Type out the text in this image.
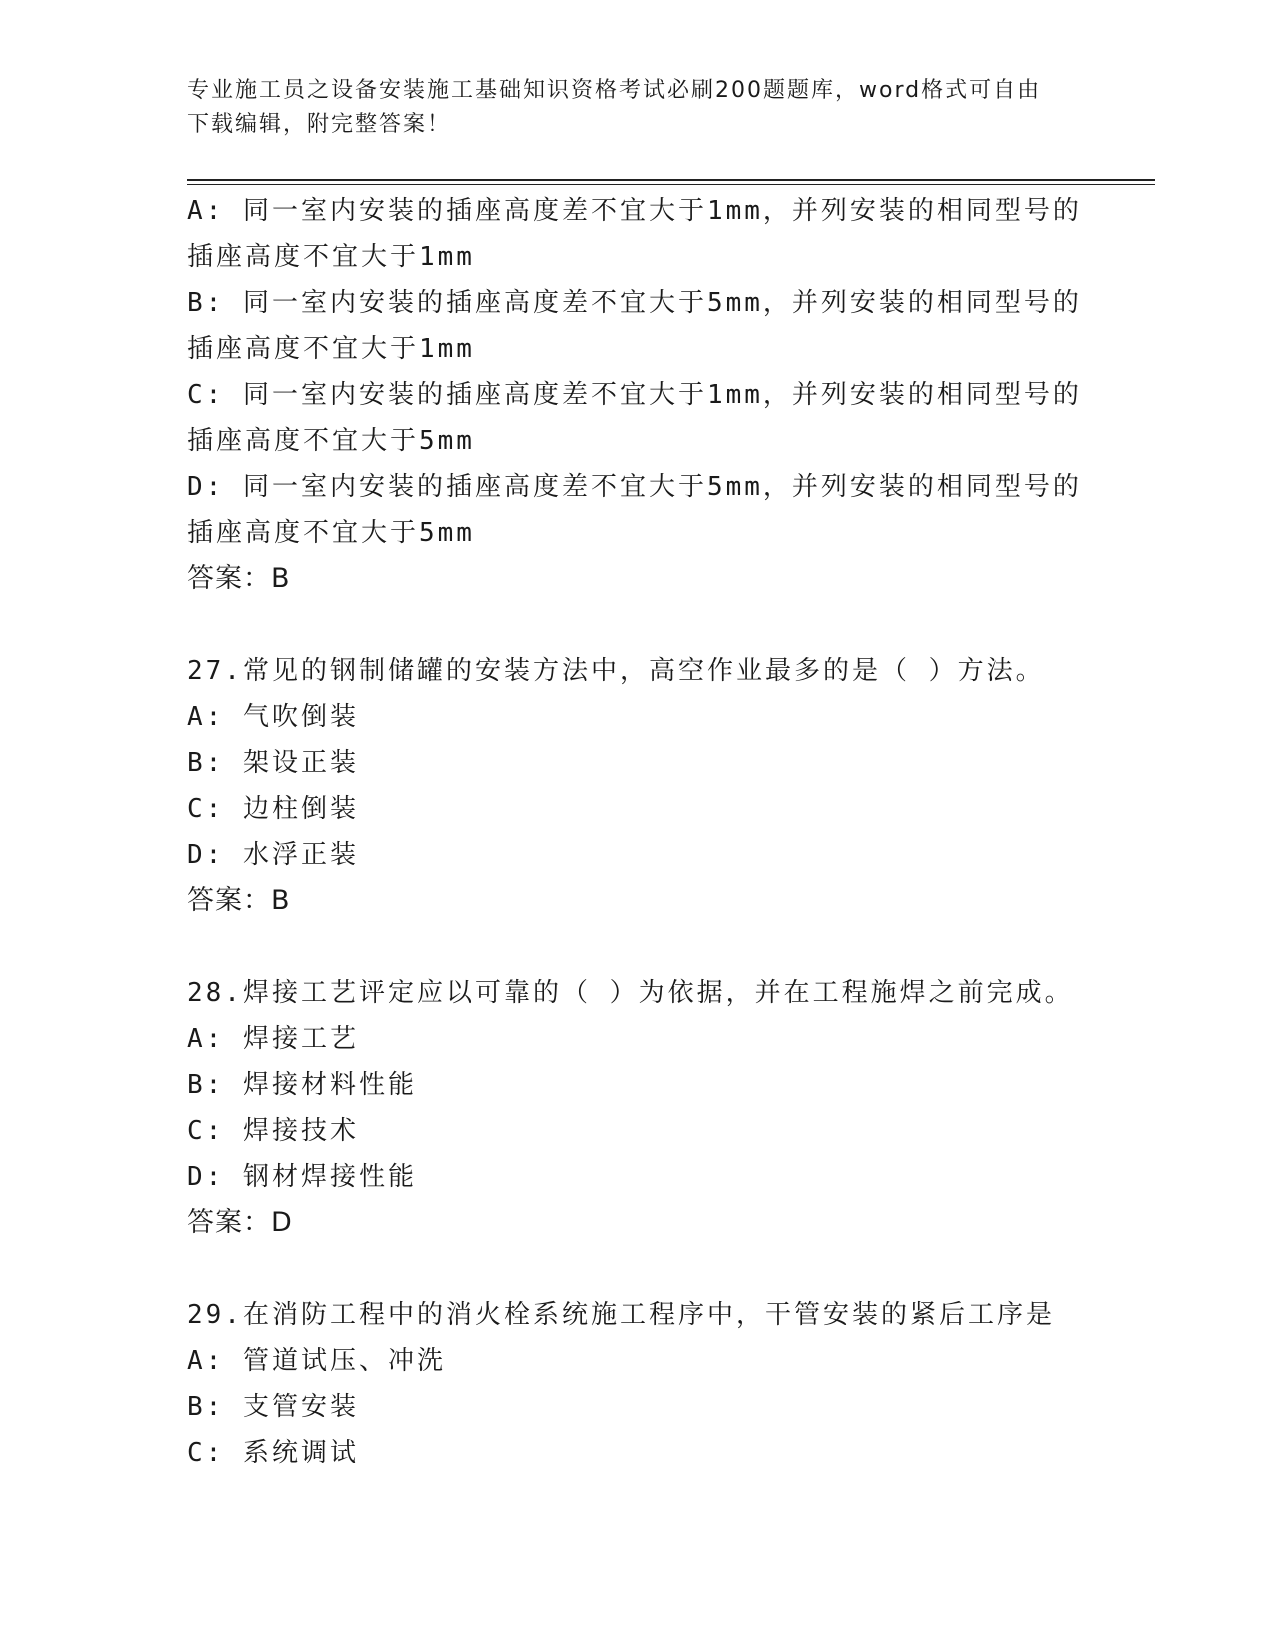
专业施工员之设备安装施工基础知识资格考试必刷200题题库，word格式可自由
下载编辑，附完整答案！
A: 同一室内安装的插座高度差不宜大于1mm，并列安装的相同型号的
插座高度不宜大于1mm
B: 同一室内安装的插座高度差不宜大于5mm，并列安装的相同型号的
插座高度不宜大于1mm
C: 同一室内安装的插座高度差不宜大于1mm，并列安装的相同型号的
插座高度不宜大于5mm
D: 同一室内安装的插座高度差不宜大于5mm，并列安装的相同型号的
插座高度不宜大于5mm
答案：B
27.常见的钢制储罐的安装方法中，高空作业最多的是（ ）方法。
A: 气吹倒装
B: 架设正装
C: 边柱倒装
D: 水浮正装
答案：B
28.焊接工艺评定应以可靠的（ ）为依据，并在工程施焊之前完成。
A: 焊接工艺
B: 焊接材料性能
C: 焊接技术
D: 钢材焊接性能
答案：D
29.在消防工程中的消火栓系统施工程序中，干管安装的紧后工序是
A: 管道试压、冲洗
B: 支管安装
C: 系统调试
